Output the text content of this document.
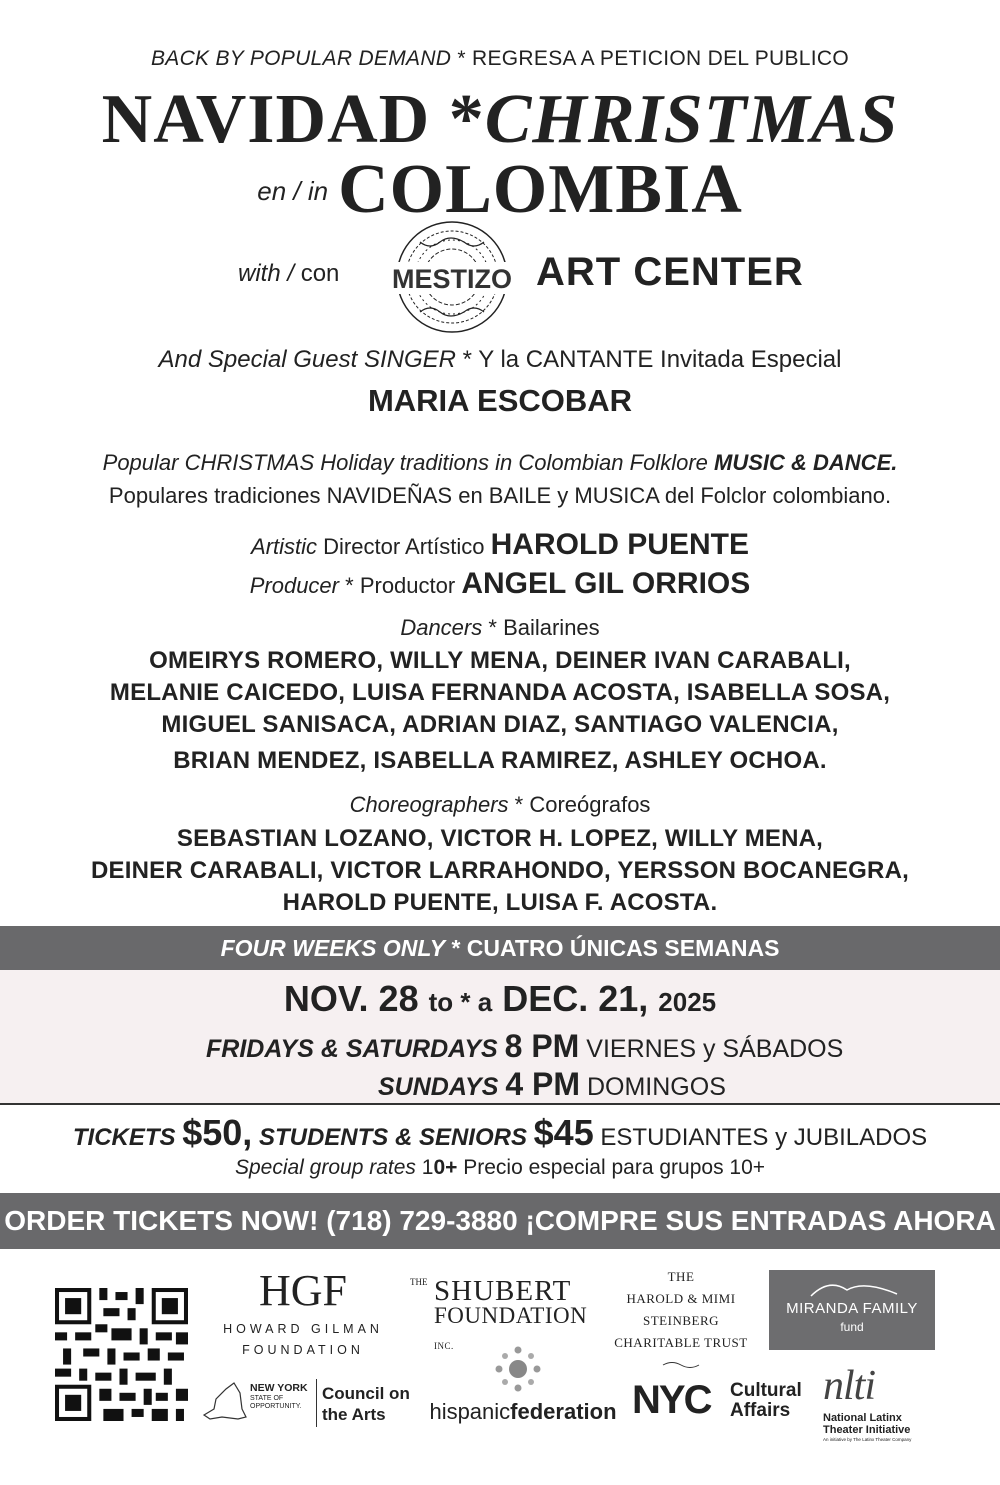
BACK BY POPULAR DEMAND * REGRESA A PETICION DEL PUBLICO
NAVIDAD *CHRISTMAS
en / in COLOMBIA
with / con MESTIZO ART CENTER
And Special Guest SINGER * Y la CANTANTE Invitada Especial
MARIA ESCOBAR
Popular CHRISTMAS Holiday traditions in Colombian Folklore MUSIC & DANCE.
Populares tradiciones NAVIDEÑAS en BAILE y MUSICA del Folclor colombiano.
Artistic Director Artístico HAROLD PUENTE
Producer * Productor ANGEL GIL ORRIOS
Dancers * Bailarines
OMEIRYS ROMERO, WILLY MENA, DEINER IVAN CARABALI,
MELANIE CAICEDO, LUISA FERNANDA ACOSTA, ISABELLA SOSA,
MIGUEL SANISACA, ADRIAN DIAZ, SANTIAGO VALENCIA,
BRIAN MENDEZ, ISABELLA RAMIREZ, ASHLEY OCHOA.
Choreographers * Coreógrafos
SEBASTIAN LOZANO, VICTOR H. LOPEZ, WILLY MENA,
DEINER CARABALI, VICTOR LARRAHONDO, YERSSON BOCANEGRA,
HAROLD PUENTE, LUISA F. ACOSTA.
FOUR WEEKS ONLY * CUATRO ÚNICAS SEMANAS
NOV. 28 to * a DEC. 21, 2025
FRIDAYS & SATURDAYS 8 PM VIERNES y SÁBADOS
SUNDAYS 4 PM DOMINGOS
TICKETS $50, STUDENTS & SENIORS $45 ESTUDIANTES y JUBILADOS
Special group rates 10+ Precio especial para grupos 10+
ORDER TICKETS NOW! (718) 729-3880 ¡COMPRE SUS ENTRADAS AHORA
HGF
HOWARD GILMAN
FOUNDATION
THE SHUBERT
FOUNDATION INC.
THE
HAROLD & MIMI
STEINBERG
CHARITABLE TRUST
MIRANDA FAMILY
fund
NEW YORK
STATE OF
OPPORTUNITY.
Council on
the Arts	hispanicfederation NYC Cultural
Affairs
nlti
National Latinx
Theater Initiative
An initiative by The Latinx Theater Company
